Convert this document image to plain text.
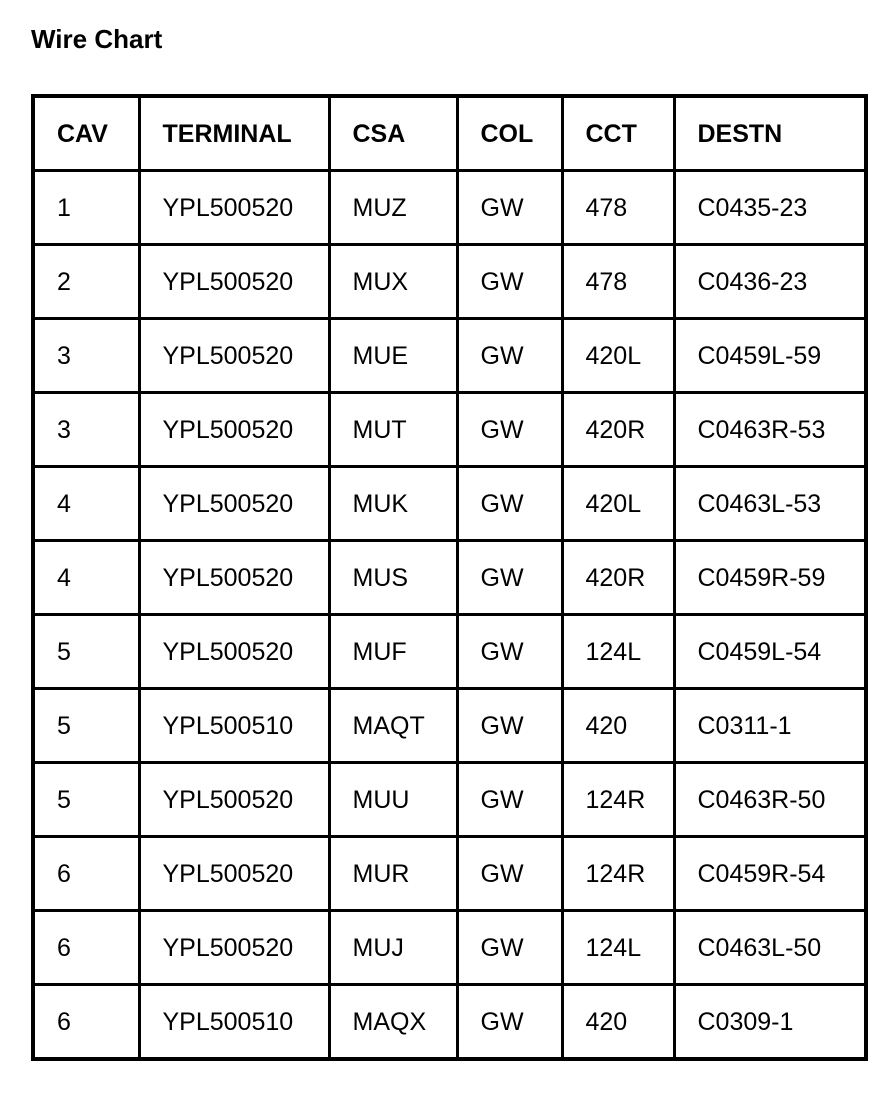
Wire Chart
CAV	TERMINAL	CSA	COL	CCT	DESTN
1	YPL500520	MUZ	GW	478	C0435-23
2	YPL500520	MUX	GW	478	C0436-23
3	YPL500520	MUE	GW	420L	C0459L-59
3	YPL500520	MUT	GW	420R	C0463R-53
4	YPL500520	MUK	GW	420L	C0463L-53
4	YPL500520	MUS	GW	420R	C0459R-59
5	YPL500520	MUF	GW	124L	C0459L-54
5	YPL500510	MAQT	GW	420	C0311-1
5	YPL500520	MUU	GW	124R	C0463R-50
6	YPL500520	MUR	GW	124R	C0459R-54
6	YPL500520	MUJ	GW	124L	C0463L-50
6	YPL500510	MAQX	GW	420	C0309-1
